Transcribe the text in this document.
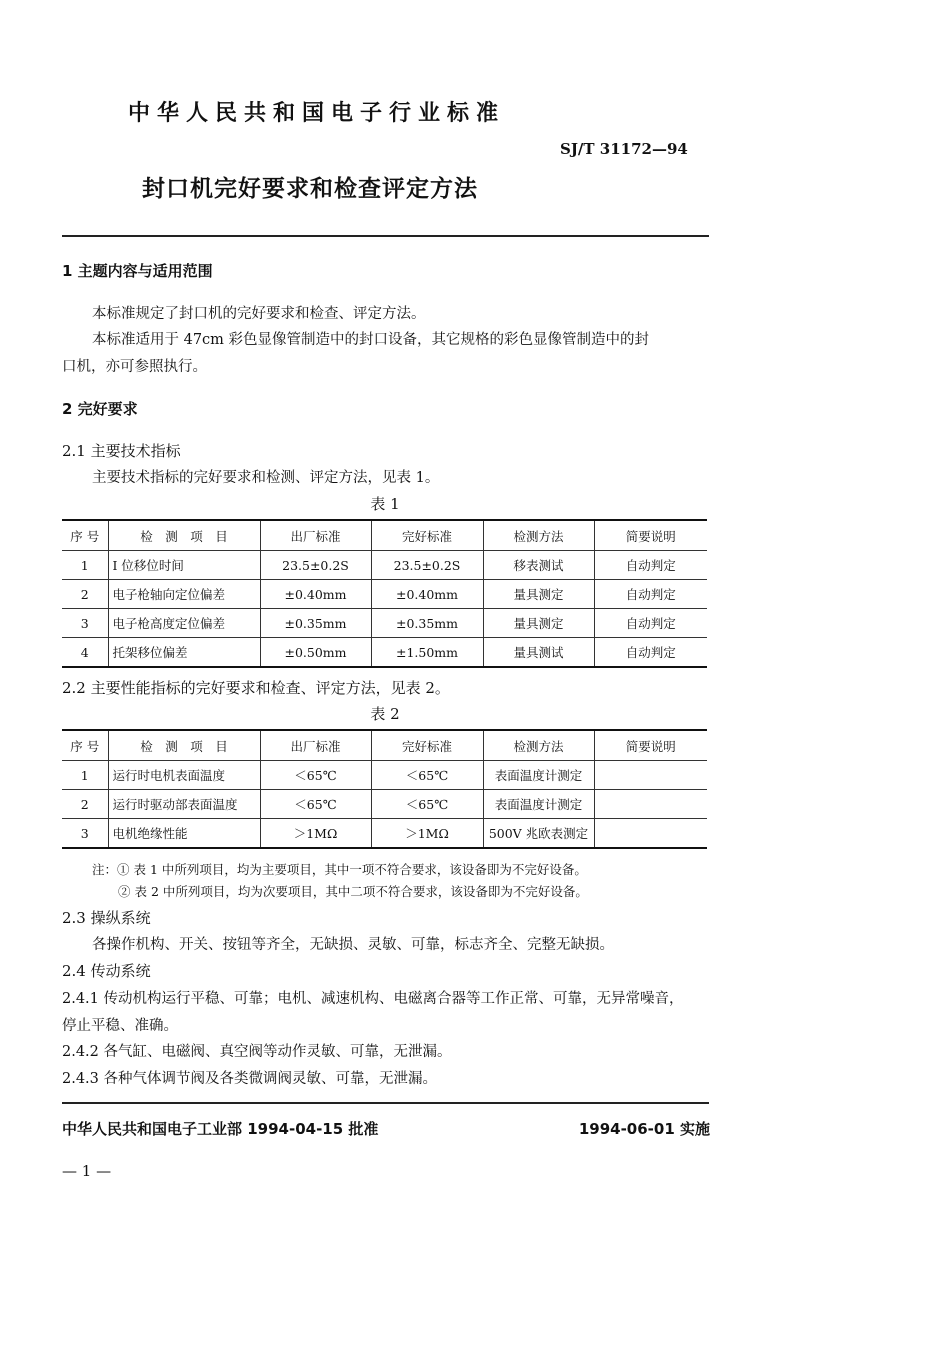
中华人民共和国电子行业标准
SJ/T 31172—94
封口机完好要求和检查评定方法
1 主题内容与适用范围
本标准规定了封口机的完好要求和检查、评定方法。
本标准适用于 47cm 彩色显像管制造中的封口设备，其它规格的彩色显像管制造中的封
口机，亦可参照执行。
2 完好要求
2.1 主要技术指标
主要技术指标的完好要求和检测、评定方法，见表 1。
表 1
序 号	检　测　项　目	出厂标准	完好标准	检测方法	简要说明
1	I 位移位时间	23.5±0.2S	23.5±0.2S	移表测试	自动判定
2	电子枪轴向定位偏差	±0.40mm	±0.40mm	量具测定	自动判定
3	电子枪高度定位偏差	±0.35mm	±0.35mm	量具测定	自动判定
4	托架移位偏差	±0.50mm	±1.50mm	量具测试	自动判定
2.2 主要性能指标的完好要求和检查、评定方法，见表 2。
表 2
序 号	检　测　项　目	出厂标准	完好标准	检测方法	简要说明
1	运行时电机表面温度	＜65℃	＜65℃	表面温度计测定	
2	运行时驱动部表面温度	＜65℃	＜65℃	表面温度计测定	
3	电机绝缘性能	＞1MΩ	＞1MΩ	500V 兆欧表测定	
注：① 表 1 中所列项目，均为主要项目，其中一项不符合要求，该设备即为不完好设备。
② 表 2 中所列项目，均为次要项目，其中二项不符合要求，该设备即为不完好设备。
2.3 操纵系统
各操作机构、开关、按钮等齐全，无缺损、灵敏、可靠，标志齐全、完整无缺损。
2.4 传动系统
2.4.1 传动机构运行平稳、可靠；电机、减速机构、电磁离合器等工作正常、可靠，无异常噪音，
停止平稳、准确。
2.4.2 各气缸、电磁阀、真空阀等动作灵敏、可靠，无泄漏。
2.4.3 各种气体调节阀及各类微调阀灵敏、可靠，无泄漏。
中华人民共和国电子工业部 1994-04-15 批准	1994-06-01 实施
— 1 —
